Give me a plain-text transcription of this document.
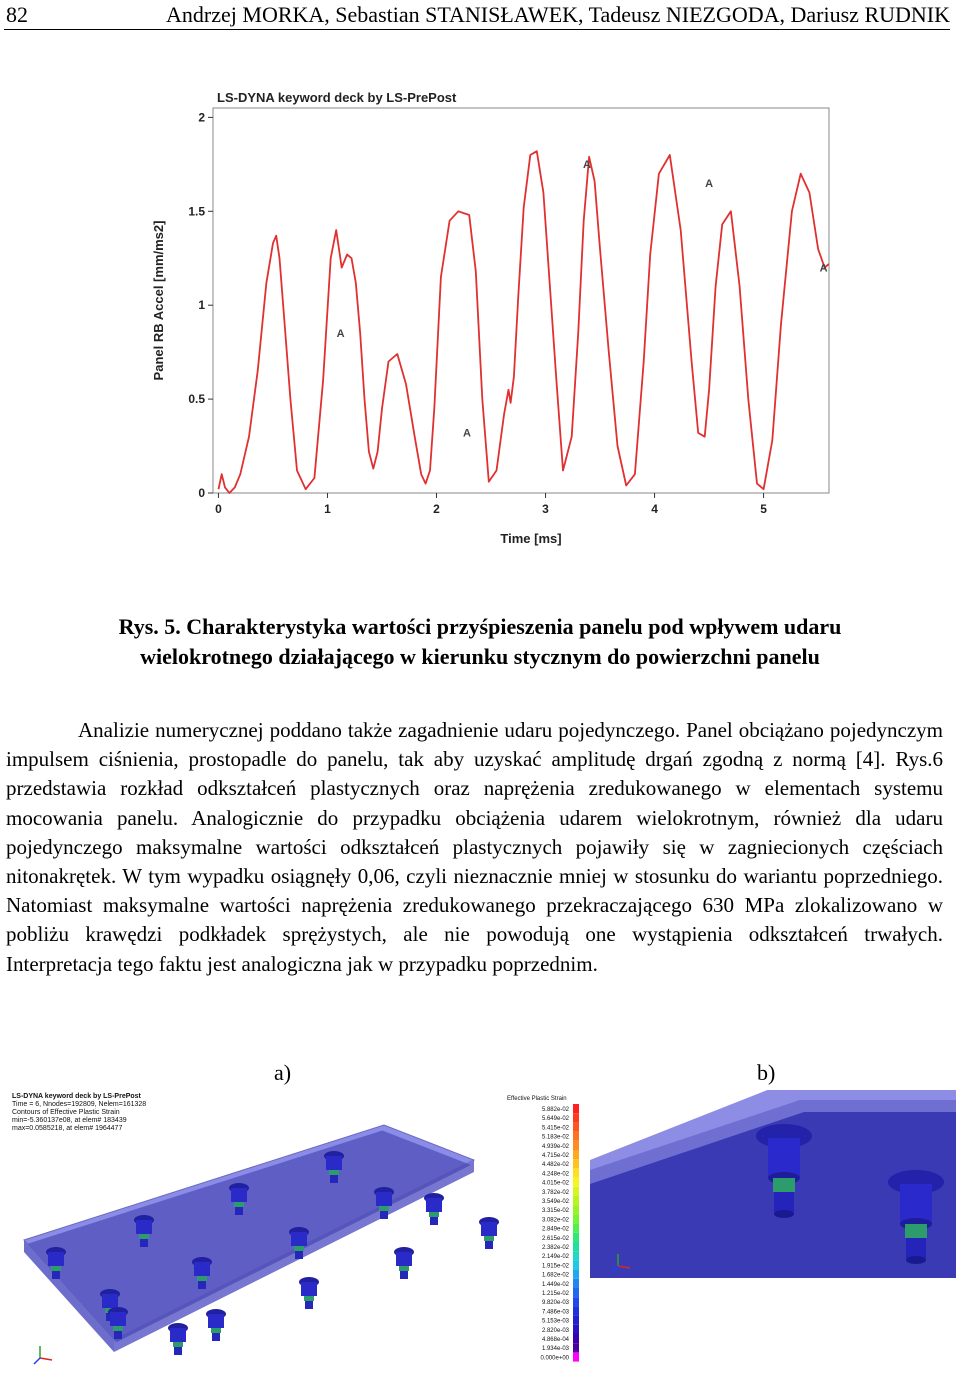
82	Andrzej MORKA, Sebastian STANISŁAWEK, Tadeusz NIEZGODA, Dariusz RUDNIK
LS-DYNA keyword deck by LS-PrePost
Panel RB Accel [mm/ms2]
Time [ms]
0	1	2	3	4	5
0
0.5
1
1.5
2
A
A
A
A
A
Rys. 5. Charakterystyka wartości przyśpieszenia panelu pod wpływem udaru
wielokrotnego działającego w kierunku stycznym do powierzchni panelu

Analizie numerycznej poddano także zagadnienie udaru pojedynczego. Panel obciążano pojedynczym impulsem ciśnienia, prostopadle do panelu, tak aby uzyskać amplitudę drgań zgodną z normą [4]. Rys.6 przedstawia rozkład odkształceń plastycznych oraz naprężenia zredukowanego w elementach systemu mocowania panelu. Analogicznie do przypadku obciążenia udarem wielokrotnym, również dla udaru pojedynczego maksymalne wartości odkształceń plastycznych pojawiły się w zagniecionych częściach nitonakrętek. W tym wypadku osiągnęły 0,06, czyli nieznacznie mniej w stosunku do wariantu poprzedniego. Natomiast maksymalne wartości naprężenia zredukowanego przekraczającego 630 MPa zlokalizowano w pobliżu krawędzi podkładek sprężystych, ale nie powodują one wystąpienia odkształceń trwałych. Interpretacja tego faktu jest analogiczna jak w przypadku poprzednim.

a)	b)
LS-DYNA keyword deck by LS-PrePost
Time = 6, Nnodes=192809, Nelem=161328
Contours of Effective Plastic Strain
min=-5.360137e08, at elem# 183439
max=0.0585218, at elem# 1964477
Effective Plastic Strain
5.882e-02
5.649e-02
5.415e-02
5.183e-02
4.939e-02
4.715e-02
4.482e-02
4.248e-02
4.015e-02
3.782e-02
3.549e-02
3.315e-02
3.082e-02
2.849e-02
2.615e-02
2.382e-02
2.149e-02
1.915e-02
1.682e-02
1.449e-02
1.215e-02
9.820e-03
7.486e-03
5.153e-03
2.820e-03
4.868e-04
1.934e-03
0.000e+00
